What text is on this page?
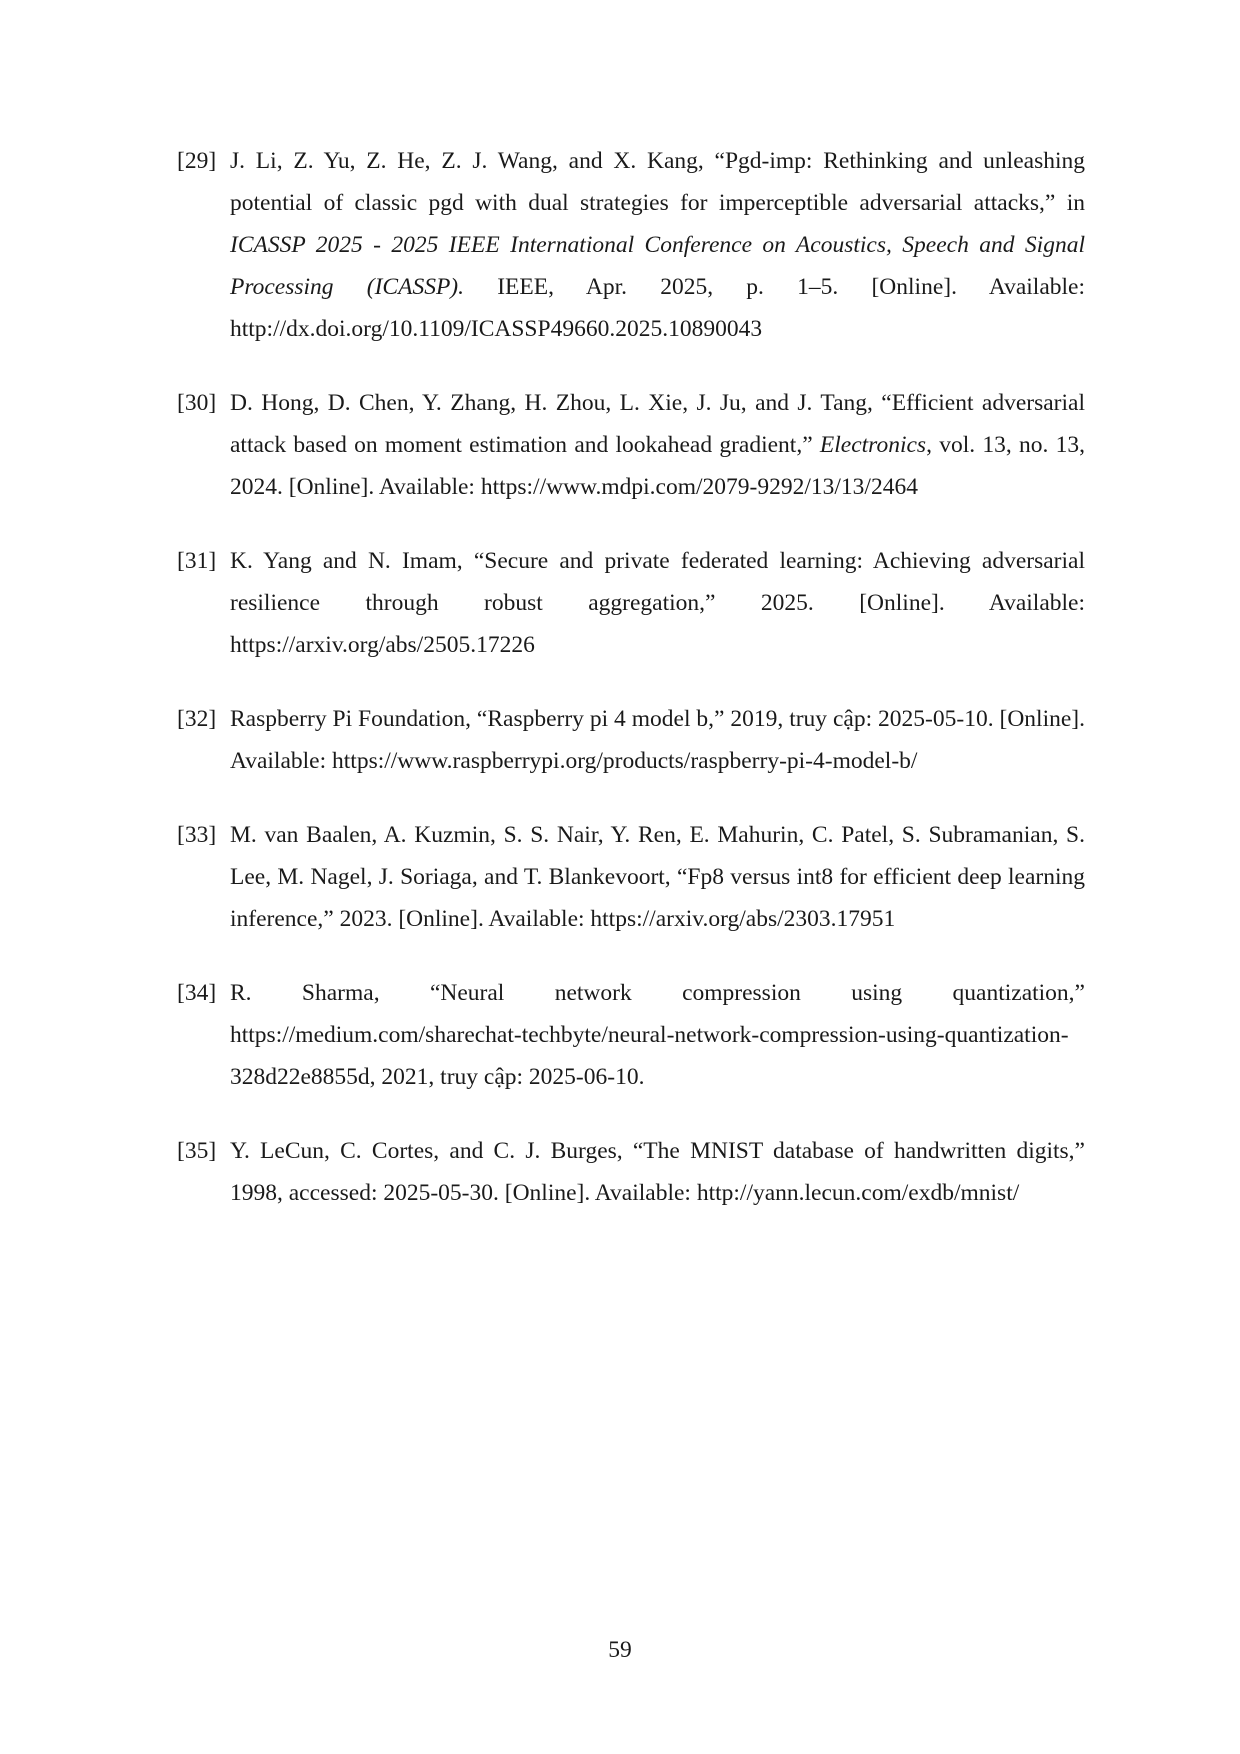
[29] J. Li, Z. Yu, Z. He, Z. J. Wang, and X. Kang, “Pgd-imp: Rethinking and unleashing potential of classic pgd with dual strategies for imperceptible adversarial attacks,” in ICASSP 2025 - 2025 IEEE International Conference on Acoustics, Speech and Signal Processing (ICASSP). IEEE, Apr. 2025, p. 1–5. [Online]. Available: http://dx.doi.org/10.1109/ICASSP49660.2025.10890043
[30] D. Hong, D. Chen, Y. Zhang, H. Zhou, L. Xie, J. Ju, and J. Tang, “Efficient adversarial attack based on moment estimation and lookahead gradient,” Electronics, vol. 13, no. 13, 2024. [Online]. Available: https://www.mdpi.com/2079-9292/13/13/2464
[31] K. Yang and N. Imam, “Secure and private federated learning: Achieving adversarial resilience through robust aggregation,” 2025. [Online]. Available: https://arxiv.org/abs/2505.17226
[32] Raspberry Pi Foundation, “Raspberry pi 4 model b,” 2019, truy cập: 2025-05-10. [Online]. Available: https://www.raspberrypi.org/products/raspberry-pi-4-model-b/
[33] M. van Baalen, A. Kuzmin, S. S. Nair, Y. Ren, E. Mahurin, C. Patel, S. Subramanian, S. Lee, M. Nagel, J. Soriaga, and T. Blankevoort, “Fp8 versus int8 for efficient deep learning inference,” 2023. [Online]. Available: https://arxiv.org/abs/2303.17951
[34] R. Sharma, “Neural network compression using quantization,” https://medium.com/sharechat-techbyte/neural-network-compression-using-quantization-328d22e8855d, 2021, truy cập: 2025-06-10.
[35] Y. LeCun, C. Cortes, and C. J. Burges, “The MNIST database of handwritten digits,” 1998, accessed: 2025-05-30. [Online]. Available: http://yann.lecun.com/exdb/mnist/
59
